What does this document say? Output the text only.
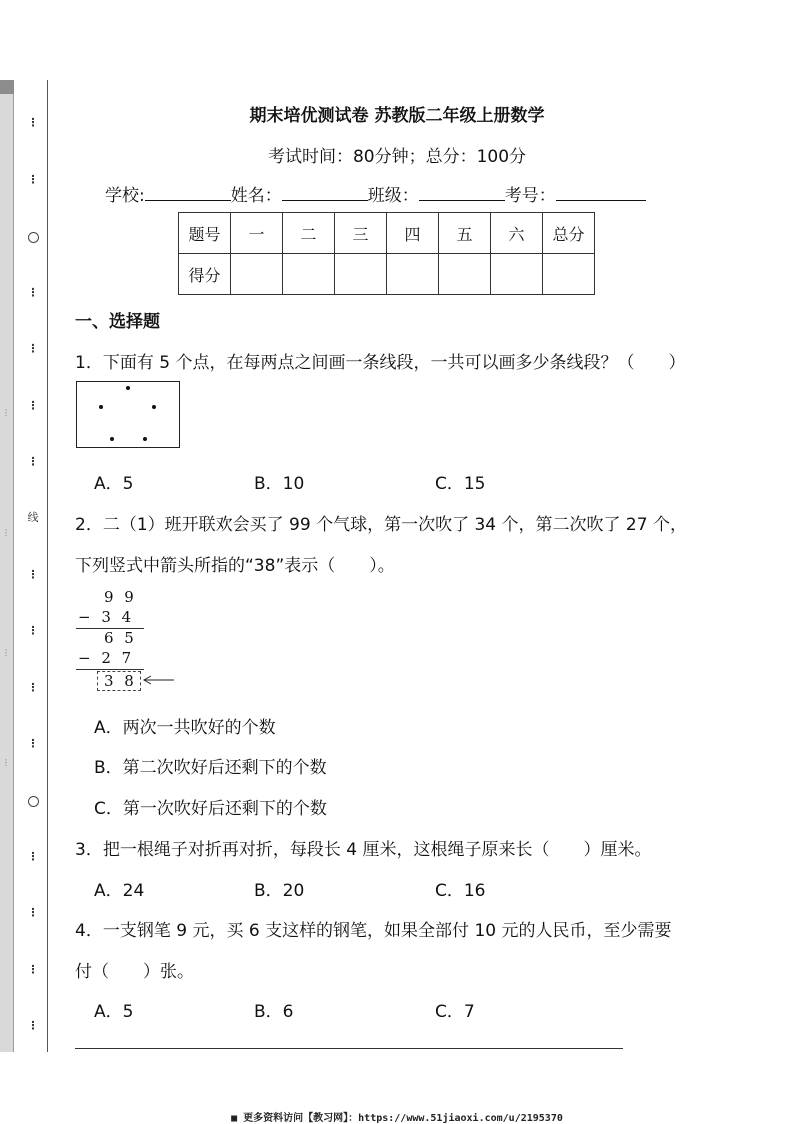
⋮
⋮
⋮
⋮
⋮
⋮
线
⋮
⋮
⋮
⋮
⋮
⋮
⋮
⋮
⋮
⋮
⋮
⋮
期末培优测试卷 苏教版二年级上册数学
考试时间：80分钟；总分：100分
学校:	姓名：	班级：	考号：
题号	一	二	三	四	五	六	总分
得分							
一、选择题
1．下面有 5 个点，在每两点之间画一条线段，一共可以画多少条线段？（　　）
A．5	B．10	C．15
2．二（1）班开联欢会买了 99 个气球，第一次吹了 34 个，第二次吹了 27 个，
下列竖式中箭头所指的“38”表示（　　）。
9 9
− 3 4
6 5
− 2 7
3 8
A．两次一共吹好的个数
B．第二次吹好后还剩下的个数
C．第一次吹好后还剩下的个数
3．把一根绳子对折再对折，每段长 4 厘米，这根绳子原来长（　　）厘米。
A．24	B．20	C．16
4．一支钢笔 9 元，买 6 支这样的钢笔，如果全部付 10 元的人民币，至少需要
付（　　）张。
A．5	B．6	C．7
■ 更多资料访问【教习网】：https://www.51jiaoxi.com/u/2195370
